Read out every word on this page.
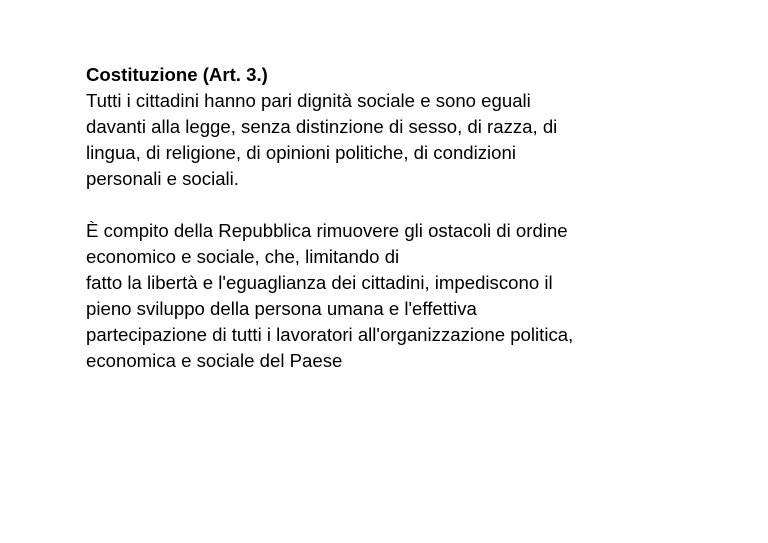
Costituzione (Art. 3.)
Tutti i cittadini hanno pari dignità sociale e sono eguali
davanti alla legge, senza distinzione di sesso, di razza, di
lingua, di religione, di opinioni politiche, di condizioni
personali e sociali.
È compito della Repubblica rimuovere gli ostacoli di ordine
economico e sociale, che, limitando di
fatto la libertà e l'eguaglianza dei cittadini, impediscono il
pieno sviluppo della persona umana e l'effettiva
partecipazione di tutti i lavoratori all'organizzazione politica,
economica e sociale del Paese
